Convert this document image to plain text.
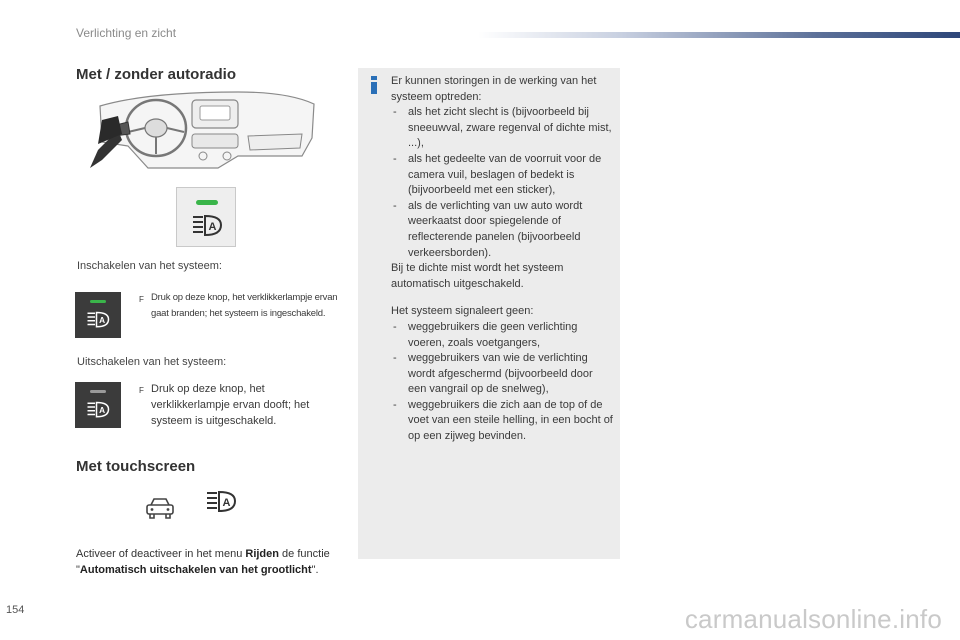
Verlichting en zicht
Met / zonder autoradio
A
Inschakelen van het systeem:
A
F Druk op deze knop, het verklikkerlampje ervan gaat branden; het systeem is ingeschakeld.
Uitschakelen van het systeem:
A
F Druk op deze knop, het verklikkerlampje ervan dooft; het systeem is uitgeschakeld.
Met touchscreen
A
Activeer of deactiveer in het menu Rijden de functie "Automatisch uitschakelen van het grootlicht".

Er kunnen storingen in de werking van het systeem optreden:

-	als het zicht slecht is (bijvoorbeeld bij sneeuwval, zware regenval of dichte mist, ...),
-	als het gedeelte van de voorruit voor de camera vuil, beslagen of bedekt is (bijvoorbeeld met een sticker),
-	als de verlichting van uw auto wordt weerkaatst door spiegelende of reflecterende panelen (bijvoorbeeld verkeersborden).

Bij te dichte mist wordt het systeem automatisch uitgeschakeld.

Het systeem signaleert geen:

-	weggebruikers die geen verlichting voeren, zoals voetgangers,
-	weggebruikers van wie de verlichting wordt afgeschermd (bijvoorbeeld door een vangrail op de snelweg),
-	weggebruikers die zich aan de top of de voet van een steile helling, in een bocht of op een zijweg bevinden.
154	carmanualsonline.info
